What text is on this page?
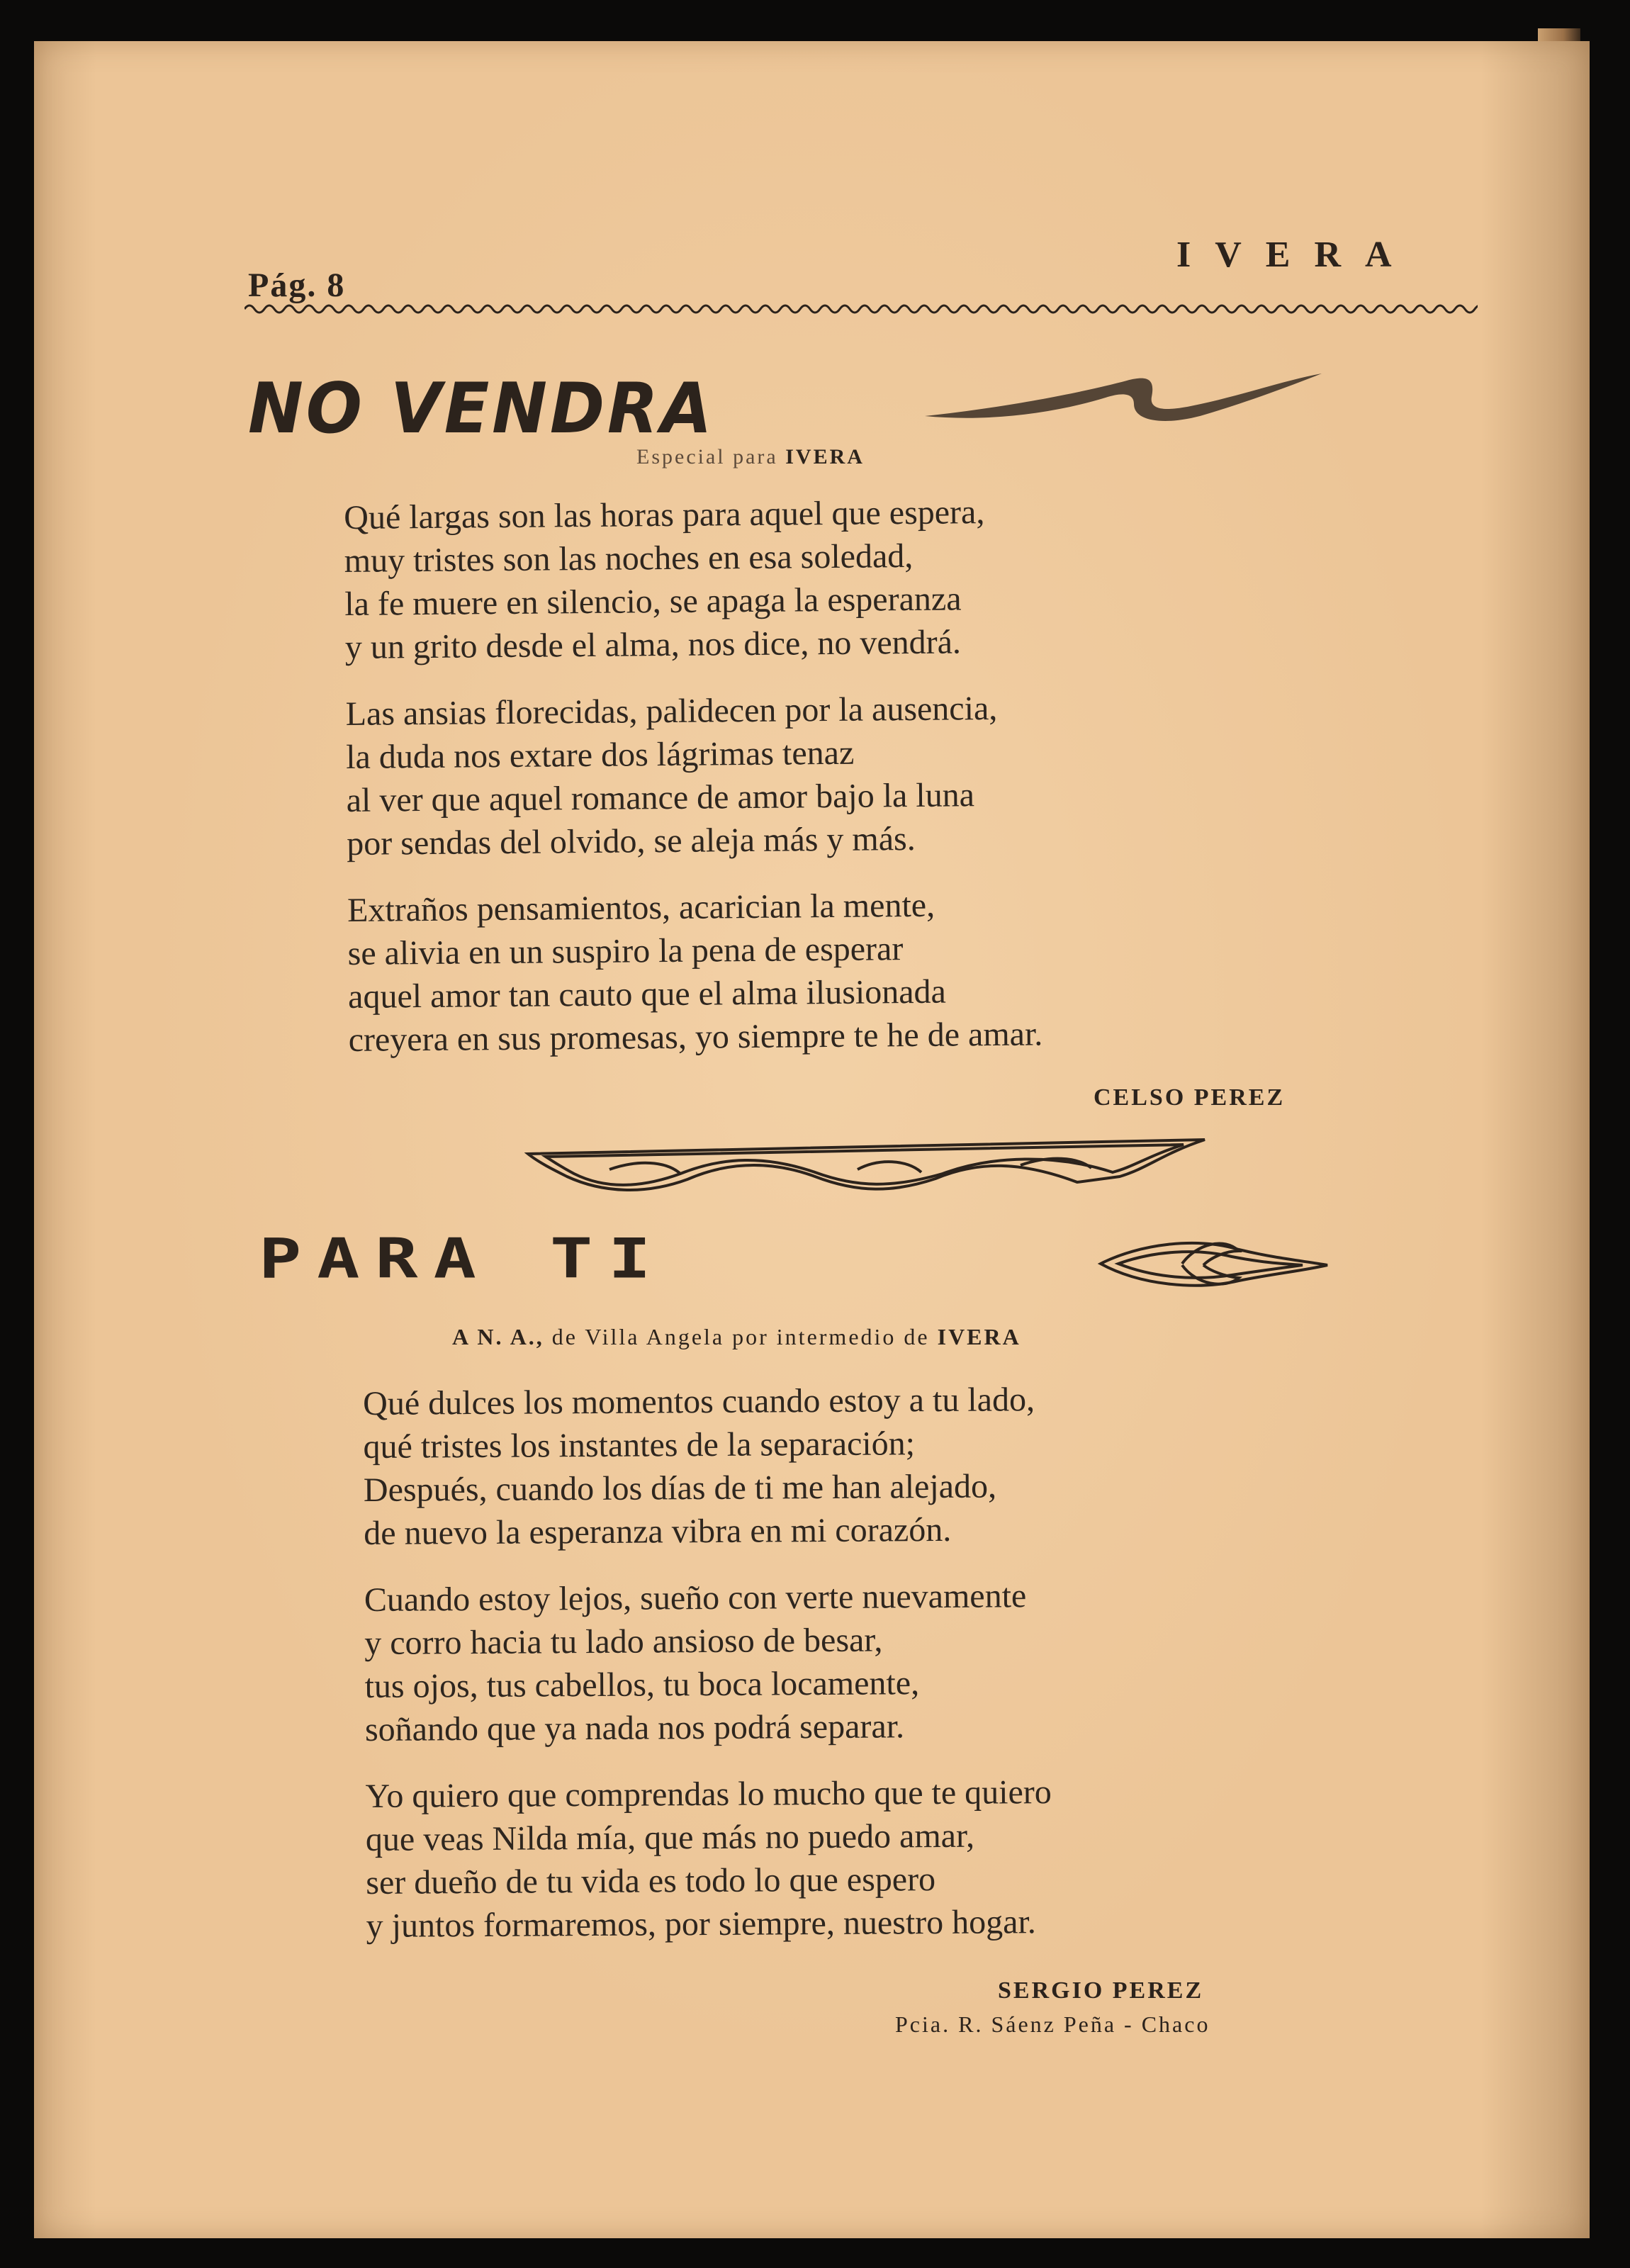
Pág. 8
IVERA
NO VENDRA
Especial para IVERA
Qué largas son las horas para aquel que espera,
muy tristes son las noches en esa soledad,
la fe muere en silencio, se apaga la esperanza
y un grito desde el alma, nos dice, no vendrá.
Las ansias florecidas, palidecen por la ausencia,
la duda nos extare dos lágrimas tenaz
al ver que aquel romance de amor bajo la luna
por sendas del olvido, se aleja más y más.
Extraños pensamientos, acarician la mente,
se alivia en un suspiro la pena de esperar
aquel amor tan cauto que el alma ilusionada
creyera en sus promesas, yo siempre te he de amar.
CELSO PEREZ
PARA TI
A N. A., de Villa Angela por intermedio de IVERA
Qué dulces los momentos cuando estoy a tu lado,
qué tristes los instantes de la separación;
Después, cuando los días de ti me han alejado,
de nuevo la esperanza vibra en mi corazón.
Cuando estoy lejos, sueño con verte nuevamente
y corro hacia tu lado ansioso de besar,
tus ojos, tus cabellos, tu boca locamente,
soñando que ya nada nos podrá separar.
Yo quiero que comprendas lo mucho que te quiero
que veas Nilda mía, que más no puedo amar,
ser dueño de tu vida es todo lo que espero
y juntos formaremos, por siempre, nuestro hogar.
SERGIO PEREZ
Pcia. R. Sáenz Peña - Chaco
